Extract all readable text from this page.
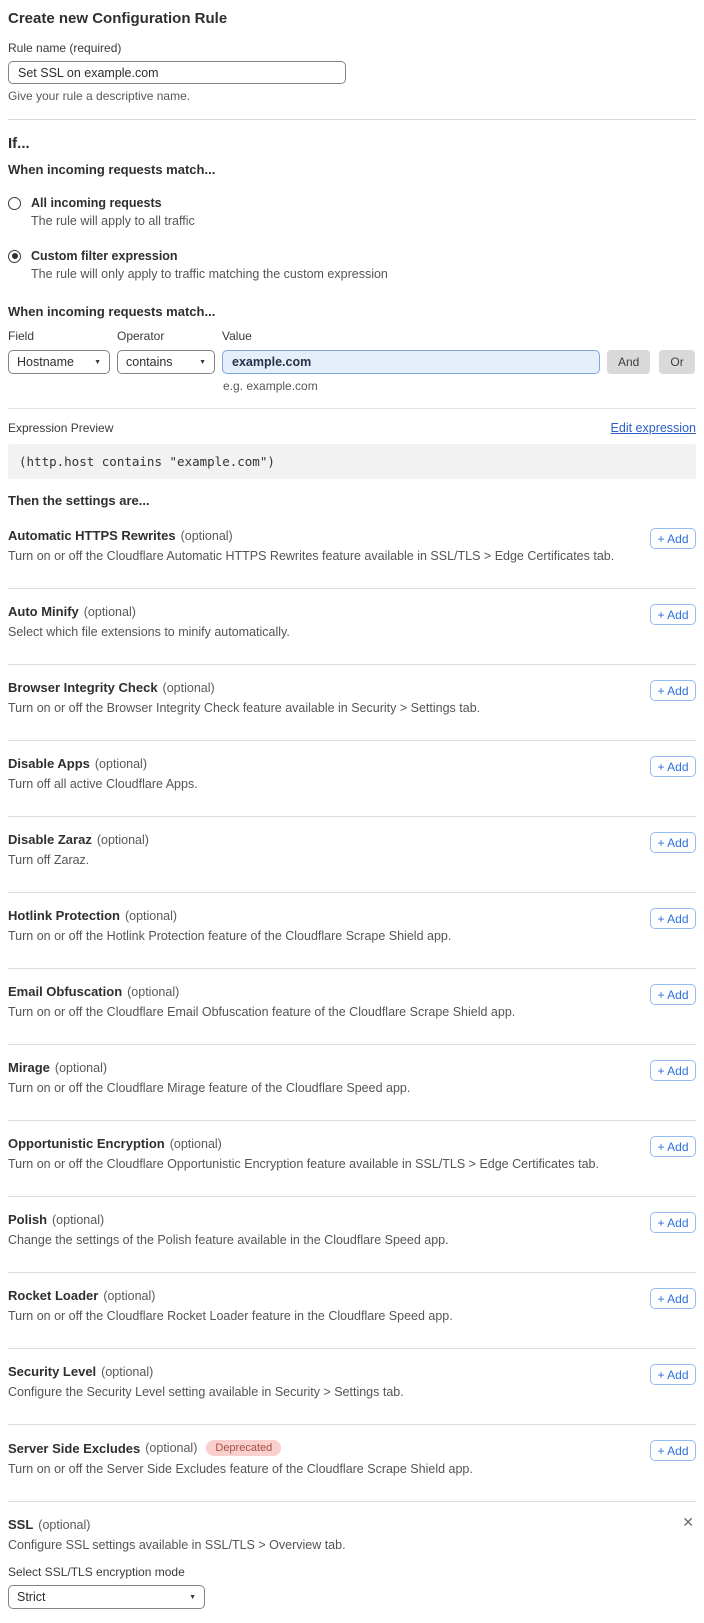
Create new Configuration Rule
Rule name (required)
Set SSL on example.com
Give your rule a descriptive name.
If...
When incoming requests match...
All incoming requests
The rule will apply to all traffic
Custom filter expression
The rule will only apply to traffic matching the custom expression
When incoming requests match...
Field
Hostname	▼
Operator
contains	▼
Value
example.com
And	Or
e.g. example.com
Expression Preview	Edit expression
(http.host contains "example.com")
Then the settings are...
Automatic HTTPS Rewrites (optional)
Turn on or off the Cloudflare Automatic HTTPS Rewrites feature available in SSL/TLS > Edge Certificates tab.
+ Add
Auto Minify (optional)
Select which file extensions to minify automatically.
+ Add
Browser Integrity Check (optional)
Turn on or off the Browser Integrity Check feature available in Security > Settings tab.
+ Add
Disable Apps (optional)
Turn off all active Cloudflare Apps.
+ Add
Disable Zaraz (optional)
Turn off Zaraz.
+ Add
Hotlink Protection (optional)
Turn on or off the Hotlink Protection feature of the Cloudflare Scrape Shield app.
+ Add
Email Obfuscation (optional)
Turn on or off the Cloudflare Email Obfuscation feature of the Cloudflare Scrape Shield app.
+ Add
Mirage (optional)
Turn on or off the Cloudflare Mirage feature of the Cloudflare Speed app.
+ Add
Opportunistic Encryption (optional)
Turn on or off the Cloudflare Opportunistic Encryption feature available in SSL/TLS > Edge Certificates tab.
+ Add
Polish (optional)
Change the settings of the Polish feature available in the Cloudflare Speed app.
+ Add
Rocket Loader (optional)
Turn on or off the Cloudflare Rocket Loader feature in the Cloudflare Speed app.
+ Add
Security Level (optional)
Configure the Security Level setting available in Security > Settings tab.
+ Add
Server Side Excludes (optional)	Deprecated
Turn on or off the Server Side Excludes feature of the Cloudflare Scrape Shield app.
+ Add
SSL (optional)	✕
Configure SSL settings available in SSL/TLS > Overview tab.
Select SSL/TLS encryption mode
Strict	▼
